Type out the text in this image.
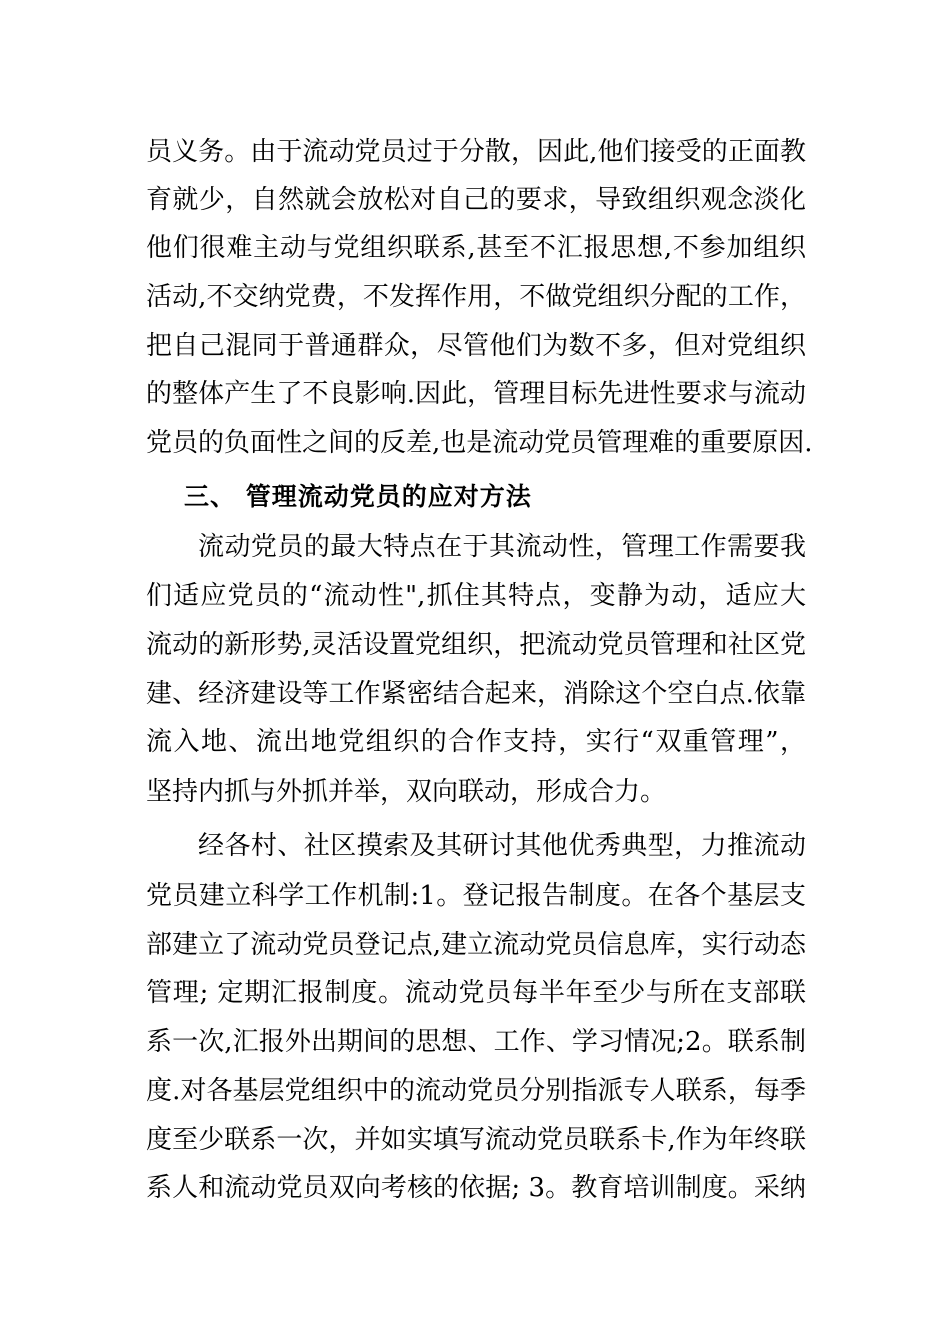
员义务。由于流动党员过于分散，因此,他们接受的正面教
育就少，自然就会放松对自己的要求，导致组织观念淡化
他们很难主动与党组织联系,甚至不汇报思想,不参加组织
活动,不交纳党费，不发挥作用，不做党组织分配的工作，
把自己混同于普通群众，尽管他们为数不多，但对党组织
的整体产生了不良影响.因此，管理目标先进性要求与流动
党员的负面性之间的反差,也是流动党员管理难的重要原因.
三、 管理流动党员的应对方法
流动党员的最大特点在于其流动性，管理工作需要我
们适应党员的“流动性",抓住其特点，变静为动，适应大
流动的新形势,灵活设置党组织，把流动党员管理和社区党
建、经济建设等工作紧密结合起来，消除这个空白点.依靠
流入地、流出地党组织的合作支持，实行“双重管理”，
坚持内抓与外抓并举，双向联动，形成合力。
经各村、社区摸索及其研讨其他优秀典型，力推流动
党员建立科学工作机制:1。登记报告制度。在各个基层支
部建立了流动党员登记点,建立流动党员信息库，实行动态
管理; 定期汇报制度。流动党员每半年至少与所在支部联
系一次,汇报外出期间的思想、工作、学习情况;2。联系制
度.对各基层党组织中的流动党员分别指派专人联系，每季
度至少联系一次，并如实填写流动党员联系卡,作为年终联
系人和流动党员双向考核的依据; 3。教育培训制度。采纳
